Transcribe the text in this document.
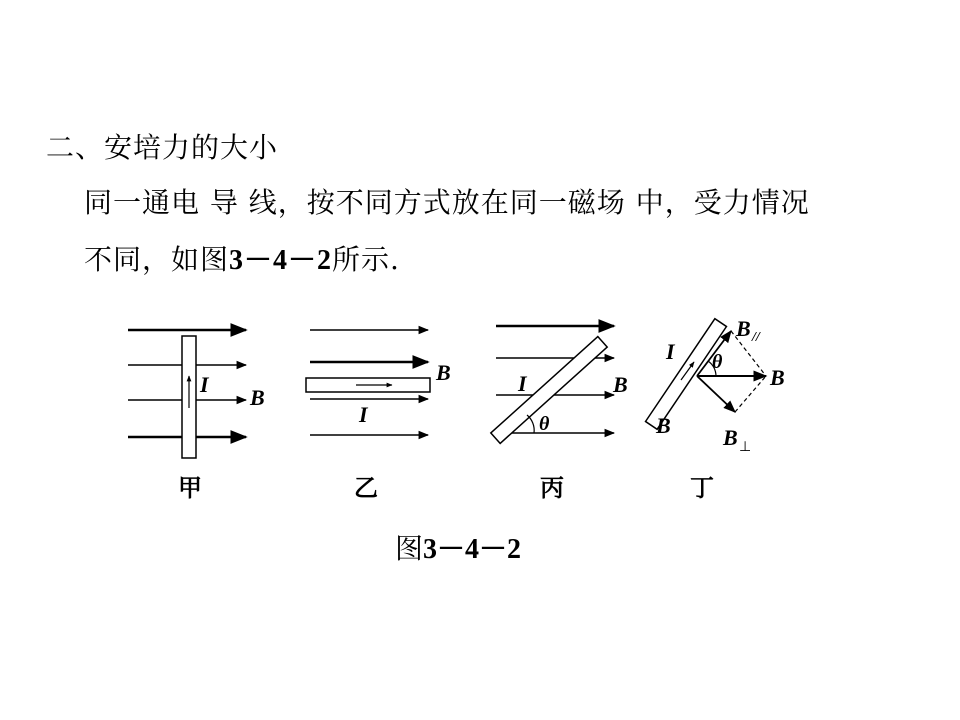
二、安培力的大小
同一通电 导 线，按不同方式放在同一磁场 中，受力情况
不同，如图3－4－2所示.
I
B
B
I
I	B
θ
I θ
B //
B
B B ⊥
甲	乙	丙	丁
图3－4－2
